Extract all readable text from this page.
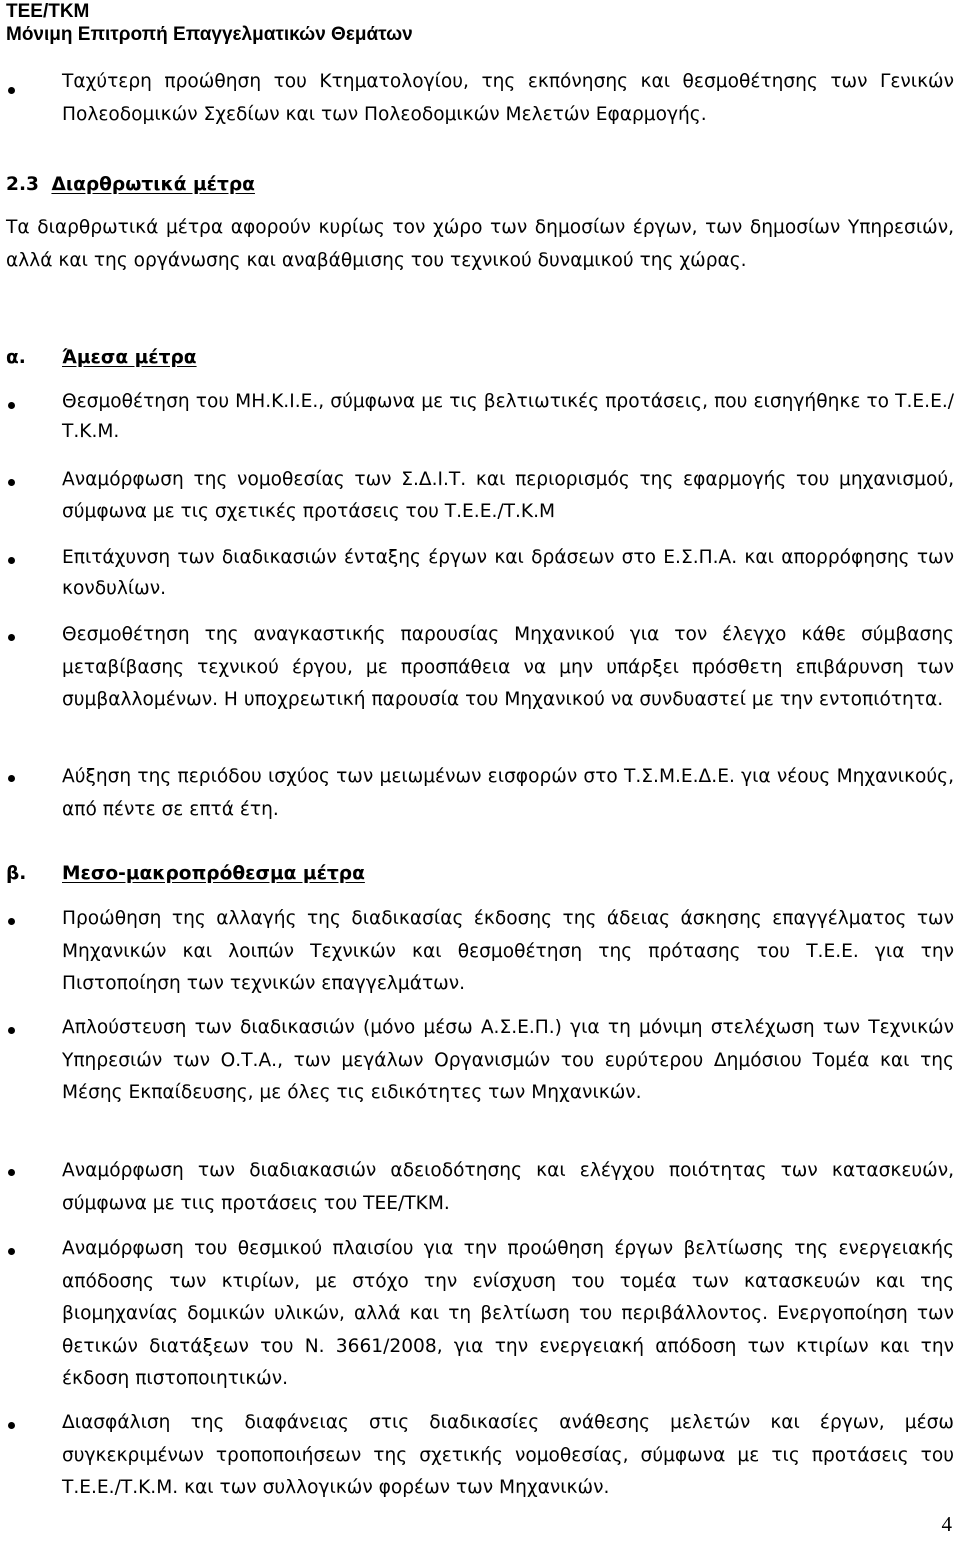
ΤΕΕ/ΤΚΜ
Μόνιμη Επιτροπή Επαγγελματικών Θεμάτων
Ταχύτερη προώθηση του Κτηματολογίου, της εκπόνησης και θεσμοθέτησης των Γενικών Πολεοδομικών Σχεδίων και των Πολεοδομικών Μελετών Εφαρμογής.
2.3 Διαρθρωτικά μέτρα
Τα διαρθρωτικά μέτρα αφορούν κυρίως τον χώρο των δημοσίων έργων, των δημοσίων Υπηρεσιών, αλλά και της οργάνωσης και αναβάθμισης του τεχνικού δυναμικού της χώρας.
α. Άμεσα μέτρα
Θεσμοθέτηση του ΜΗ.Κ.Ι.Ε., σύμφωνα με τις βελτιωτικές προτάσεις, που εισηγήθηκε το Τ.Ε.Ε./Τ.Κ.Μ.
Αναμόρφωση της νομοθεσίας των Σ.Δ.Ι.Τ. και περιορισμός της εφαρμογής του μηχανισμού, σύμφωνα με τις σχετικές προτάσεις του Τ.Ε.Ε./Τ.Κ.Μ
Επιτάχυνση των διαδικασιών ένταξης έργων και δράσεων στο Ε.Σ.Π.Α. και απορρόφησης των κονδυλίων.
Θεσμοθέτηση της αναγκαστικής παρουσίας Μηχανικού για τον έλεγχο κάθε σύμβασης μεταβίβασης τεχνικού έργου, με προσπάθεια να μην υπάρξει πρόσθετη επιβάρυνση των συμβαλλομένων. Η υποχρεωτική παρουσία του Μηχανικού να συνδυαστεί με την εντοπιότητα.
Αύξηση της περιόδου ισχύος των μειωμένων εισφορών στο Τ.Σ.Μ.Ε.Δ.Ε. για νέους Μηχανικούς, από πέντε σε επτά έτη.
β. Μεσο-μακροπρόθεσμα μέτρα
Προώθηση της αλλαγής της διαδικασίας έκδοσης της άδειας άσκησης επαγγέλματος των Μηχανικών και λοιπών Τεχνικών και θεσμοθέτηση της πρότασης του Τ.Ε.Ε. για την Πιστοποίηση των τεχνικών επαγγελμάτων.
Απλούστευση των διαδικασιών (μόνο μέσω Α.Σ.Ε.Π.) για τη μόνιμη στελέχωση των Τεχνικών Υπηρεσιών των Ο.Τ.Α., των μεγάλων Οργανισμών του ευρύτερου Δημόσιου Τομέα και της Μέσης Εκπαίδευσης, με όλες τις ειδικότητες των Μηχανικών.
Αναμόρφωση των διαδιακασιών αδειοδότησης και ελέγχου ποιότητας των κατασκευών, σύμφωνα με τιις προτάσεις του ΤΕΕ/ΤΚΜ.
Αναμόρφωση του θεσμικού πλαισίου για την προώθηση έργων βελτίωσης της ενεργειακής απόδοσης των κτιρίων, με στόχο την ενίσχυση του τομέα των κατασκευών και της βιομηχανίας δομικών υλικών, αλλά και τη βελτίωση του περιβάλλοντος. Ενεργοποίηση των θετικών διατάξεων του Ν. 3661/2008, για την ενεργειακή απόδοση των κτιρίων και την έκδοση πιστοποιητικών.
Διασφάλιση της διαφάνειας στις διαδικασίες ανάθεσης μελετών και έργων, μέσω συγκεκριμένων τροποποιήσεων της σχετικής νομοθεσίας, σύμφωνα με τις προτάσεις του Τ.Ε.Ε./Τ.Κ.Μ. και των συλλογικών φορέων των Μηχανικών.
4
